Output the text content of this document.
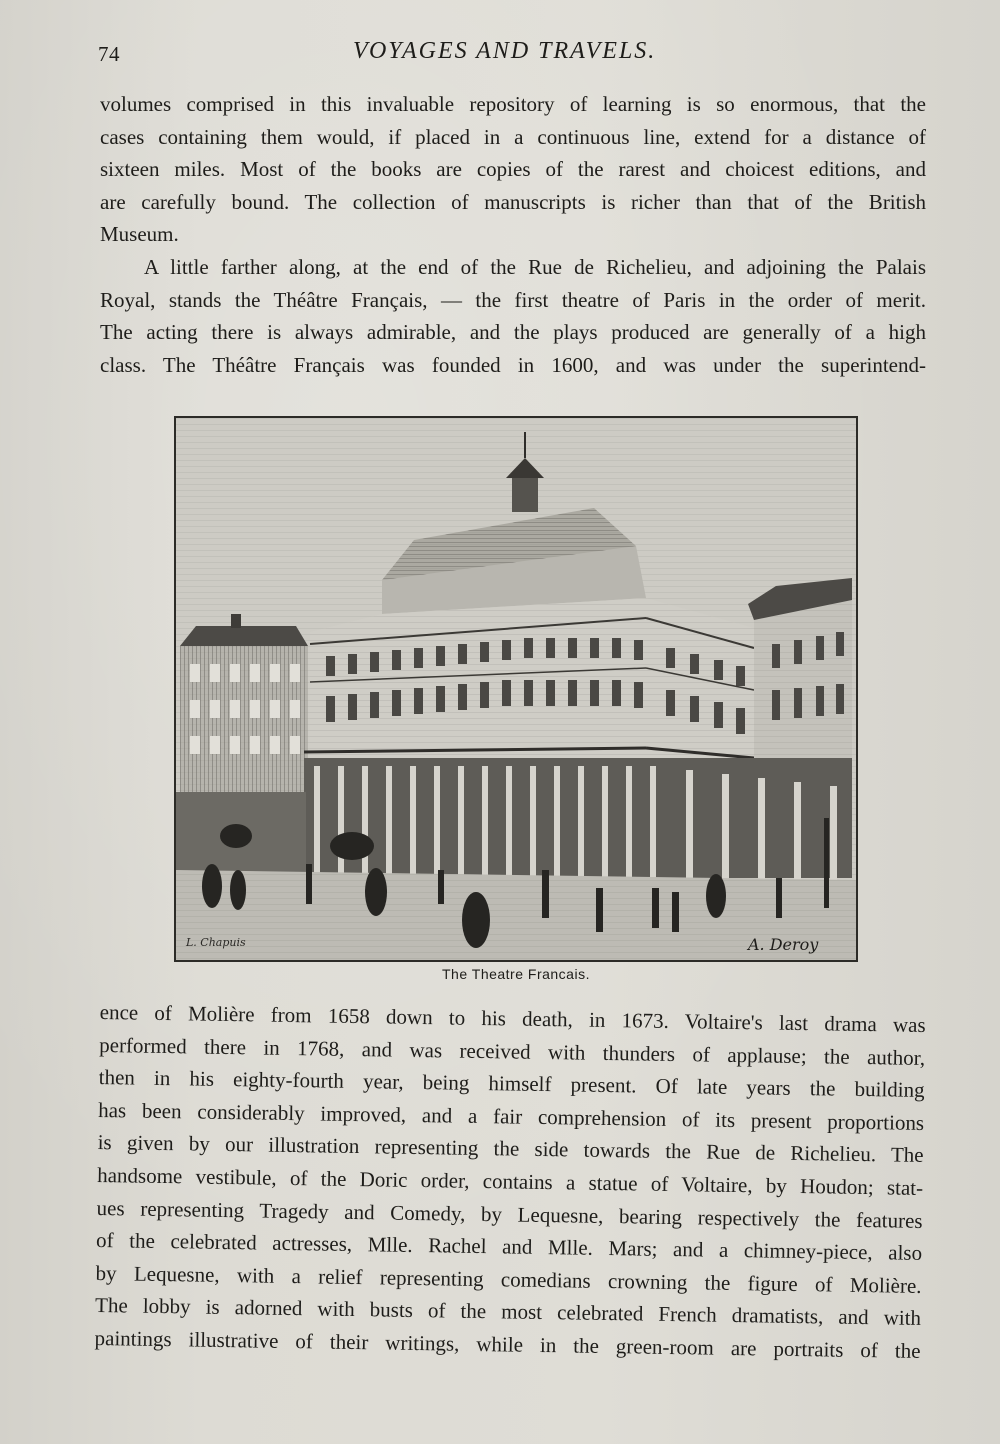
74	VOYAGES AND TRAVELS.
volumes comprised in this invaluable repository of learning is so enormous, that the
cases containing them would, if placed in a continuous line, extend for a distance of
sixteen miles. Most of the books are copies of the rarest and choicest editions, and
are carefully bound. The collection of manuscripts is richer than that of the British
Museum.
A little farther along, at the end of the Rue de Richelieu, and adjoining the Palais
Royal, stands the Théâtre Français, — the first theatre of Paris in the order of merit.
The acting there is always admirable, and the plays produced are generally of a high
class. The Théâtre Français was founded in 1600, and was under the superintend-
L. Chapuis	A. Deroy
The Theatre Francais.
ence of Molière from 1658 down to his death, in 1673. Voltaire's last drama was
performed there in 1768, and was received with thunders of applause; the author,
then in his eighty-fourth year, being himself present. Of late years the building
has been considerably improved, and a fair comprehension of its present proportions
is given by our illustration representing the side towards the Rue de Richelieu. The
handsome vestibule, of the Doric order, contains a statue of Voltaire, by Houdon; stat-
ues representing Tragedy and Comedy, by Lequesne, bearing respectively the features
of the celebrated actresses, Mlle. Rachel and Mlle. Mars; and a chimney-piece, also
by Lequesne, with a relief representing comedians crowning the figure of Molière.
The lobby is adorned with busts of the most celebrated French dramatists, and with
paintings illustrative of their writings, while in the green-room are portraits of the
